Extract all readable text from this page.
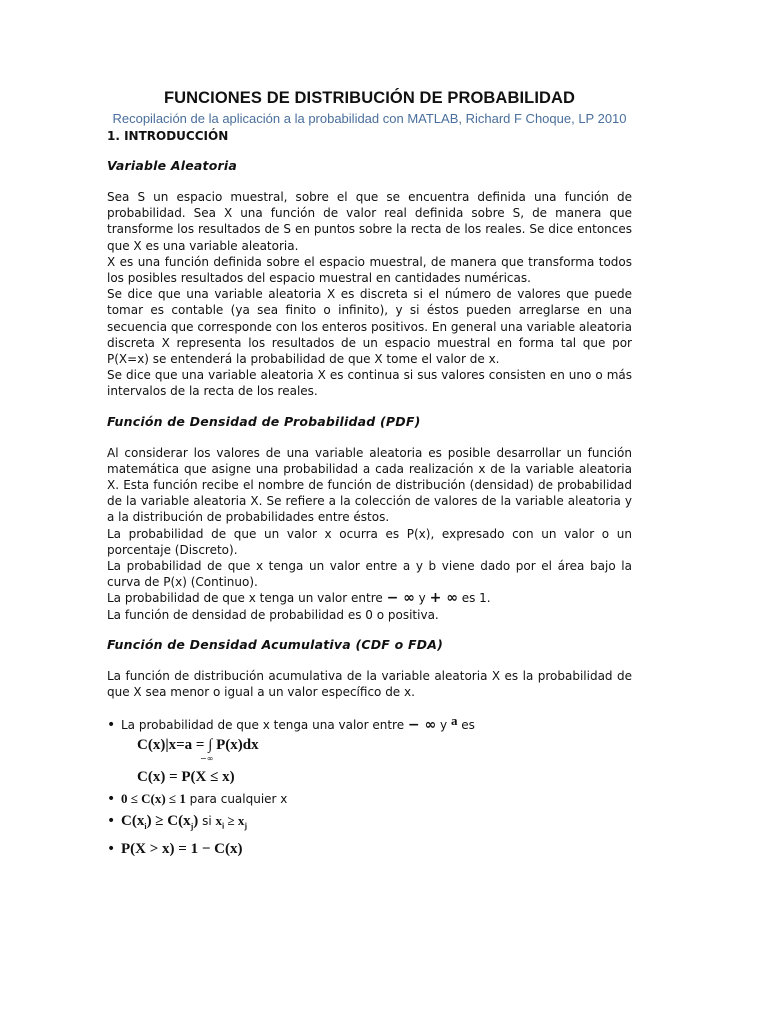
FUNCIONES DE DISTRIBUCIÓN DE PROBABILIDAD
Recopilación de la aplicación a la probabilidad con MATLAB, Richard F Choque, LP 2010
1. INTRODUCCIÓN
Variable Aleatoria

Sea S un espacio muestral, sobre el que se encuentra definida una función de probabilidad. Sea X una función de valor real definida sobre S, de manera que transforme los resultados de S en puntos sobre la recta de los reales. Se dice entonces que X es una variable aleatoria.

X es una función definida sobre el espacio muestral, de manera que transforma todos los posibles resultados del espacio muestral en cantidades numéricas.

Se dice que una variable aleatoria X es discreta si el número de valores que puede tomar es contable (ya sea finito o infinito), y si éstos pueden arreglarse en una secuencia que corresponde con los enteros positivos. En general una variable aleatoria discreta X representa los resultados de un espacio muestral en forma tal que por P(X=x) se entenderá la probabilidad de que X tome el valor de x.

Se dice que una variable aleatoria X es continua si sus valores consisten en uno o más intervalos de la recta de los reales.

Función de Densidad de Probabilidad (PDF)

Al considerar los valores de una variable aleatoria es posible desarrollar un función matemática que asigne una probabilidad a cada realización x de la variable aleatoria X. Esta función recibe el nombre de función de distribución (densidad) de probabilidad de la variable aleatoria X. Se refiere a la colección de valores de la variable aleatoria y a la distribución de probabilidades entre éstos.

La probabilidad de que un valor x ocurra es P(x), expresado con un valor o un porcentaje (Discreto).

La probabilidad de que x tenga un valor entre a y b viene dado por el área bajo la curva de P(x) (Continuo).

La probabilidad de que x tenga un valor entre − ∞ y + ∞ es 1.

La función de densidad de probabilidad es 0 o positiva.

Función de Densidad Acumulativa (CDF o FDA)

La función de distribución acumulativa de la variable aleatoria X es la probabilidad de que X sea menor o igual a un valor específico de x.

• La probabilidad de que x tenga una valor entre − ∞ y a es
C(x)|x=a = ∫ P(x)dx
−∞
C(x) = P(X ≤ x)
• 0 ≤ C(x) ≤ 1 para cualquier x
• $C(x_i) \ge C(x_j)$ si $x_i \ge x_j$
• P(X > x) = 1 − C(x)
